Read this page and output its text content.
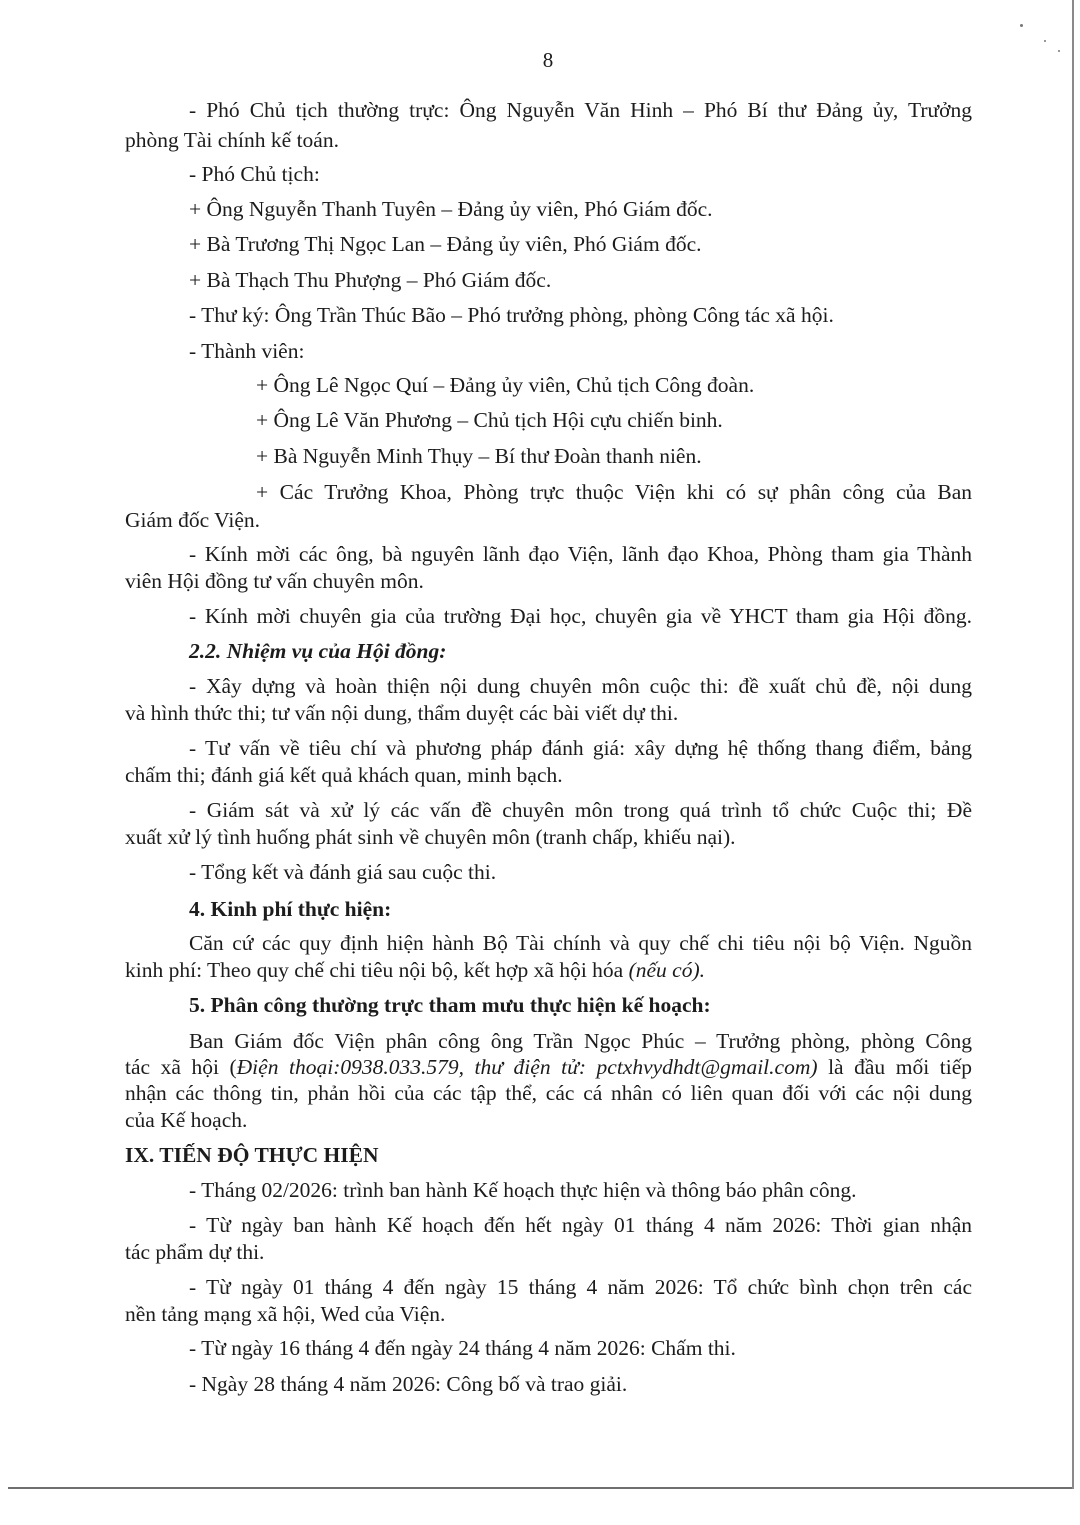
8
- Phó Chủ tịch thường trực: Ông Nguyễn Văn Hinh – Phó Bí thư Đảng ủy, Trưởng
phòng Tài chính kế toán.
- Phó Chủ tịch:
+ Ông Nguyễn Thanh Tuyên – Đảng ủy viên, Phó Giám đốc.
+ Bà Trương Thị Ngọc Lan – Đảng ủy viên, Phó Giám đốc.
+ Bà Thạch Thu Phượng – Phó Giám đốc.
- Thư ký: Ông Trần Thúc Bão – Phó trưởng phòng, phòng Công tác xã hội.
- Thành viên:
+ Ông Lê Ngọc Quí – Đảng ủy viên, Chủ tịch Công đoàn.
+ Ông Lê Văn Phương – Chủ tịch Hội cựu chiến binh.
+ Bà Nguyễn Minh Thụy – Bí thư Đoàn thanh niên.
+ Các Trưởng Khoa, Phòng trực thuộc Viện khi có sự phân công của Ban
Giám đốc Viện.
- Kính mời các ông, bà nguyên lãnh đạo Viện, lãnh đạo Khoa, Phòng tham gia Thành
viên Hội đồng tư vấn chuyên môn.
- Kính mời chuyên gia của trường Đại học, chuyên gia về YHCT tham gia Hội đồng.
2.2. Nhiệm vụ của Hội đồng:
- Xây dựng và hoàn thiện nội dung chuyên môn cuộc thi: đề xuất chủ đề, nội dung
và hình thức thi; tư vấn nội dung, thẩm duyệt các bài viết dự thi.
- Tư vấn về tiêu chí và phương pháp đánh giá: xây dựng hệ thống thang điểm, bảng
chấm thi; đánh giá kết quả khách quan, minh bạch.
- Giám sát và xử lý các vấn đề chuyên môn trong quá trình tổ chức Cuộc thi; Đề
xuất xử lý tình huống phát sinh về chuyên môn (tranh chấp, khiếu nại).
- Tổng kết và đánh giá sau cuộc thi.
4. Kinh phí thực hiện:
Căn cứ các quy định hiện hành Bộ Tài chính và quy chế chi tiêu nội bộ Viện. Nguồn
kinh phí: Theo quy chế chi tiêu nội bộ, kết hợp xã hội hóa (nếu có).
5. Phân công thường trực tham mưu thực hiện kế hoạch:
Ban Giám đốc Viện phân công ông Trần Ngọc Phúc – Trưởng phòng, phòng Công
tác xã hội (Điện thoại:0938.033.579, thư điện tử: pctxhvydhdt@gmail.com) là đầu mối tiếp
nhận các thông tin, phản hồi của các tập thể, các cá nhân có liên quan đối với các nội dung
của Kế hoạch.
IX. TIẾN ĐỘ THỰC HIỆN
- Tháng 02/2026: trình ban hành Kế hoạch thực hiện và thông báo phân công.
- Từ ngày ban hành Kế hoạch đến hết ngày 01 tháng 4 năm 2026: Thời gian nhận
tác phẩm dự thi.
- Từ ngày 01 tháng 4 đến ngày 15 tháng 4 năm 2026: Tổ chức bình chọn trên các
nền tảng mạng xã hội, Wed của Viện.
- Từ ngày 16 tháng 4 đến ngày 24 tháng 4 năm 2026: Chấm thi.
- Ngày 28 tháng 4 năm 2026: Công bố và trao giải.
